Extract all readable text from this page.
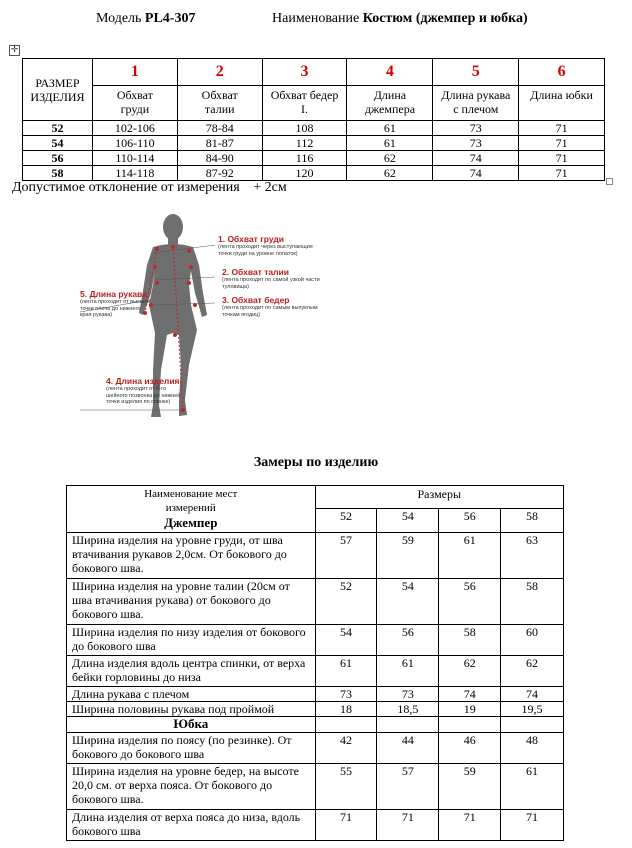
Модель PL4-307	Наименование Костюм (джемпер и юбка)
✛
РАЗМЕР ИЗДЕЛИЯ	1	2	3	4	5	6
	Обхват груди	Обхват талии	Обхват бедер I.	Длина джемпера	Длина рукава с плечом	Длина юбки
52	102-106	78-84	108	61	73	71
54	106-110	81-87	112	61	73	71
56	110-114	84-90	116	62	74	71
58	114-118	87-92	120	62	74	71
Допустимое отклонение от измерения + 2см
1. Обхват груди
(лента проходит через выступающие точки груди на уровне лопаток)
2. Обхват талии
(лента проходит по самой узкой части туловища)
3. Обхват бедер
(лента проходит по самым выпуклым точкам ягодиц)
5. Длина рукава
(лента проходит от высшей точки плеча до нижнего края рукава)
4. Длина изделия
(лента проходит от 6-го шейного позвонка до нижней точки изделия по спинке)
Замеры по изделию
Наименование мест измерений
Джемпер	Размеры			
	52	54	56	58
Ширина изделия на уровне груди, от шва втачивания рукавов 2,0см. От бокового до бокового шва.	57	59	61	63
Ширина изделия на уровне талии (20см от шва втачивания рукава) от бокового до бокового шва.	52	54	56	58
Ширина изделия по низу изделия от бокового до бокового шва	54	56	58	60
Длина изделия вдоль центра спинки, от верха бейки горловины до низа	61	61	62	62
Длина рукава с плечом	73	73	74	74
Ширина половины рукава под проймой	18	18,5	19	19,5
Юбка				
Ширина изделия по поясу (по резинке). От бокового до бокового шва	42	44	46	48
Ширина изделия на уровне бедер, на высоте 20,0 см. от верха пояса. От бокового до бокового шва.	55	57	59	61
Длина изделия от верха пояса до низа, вдоль бокового шва	71	71	71	71
